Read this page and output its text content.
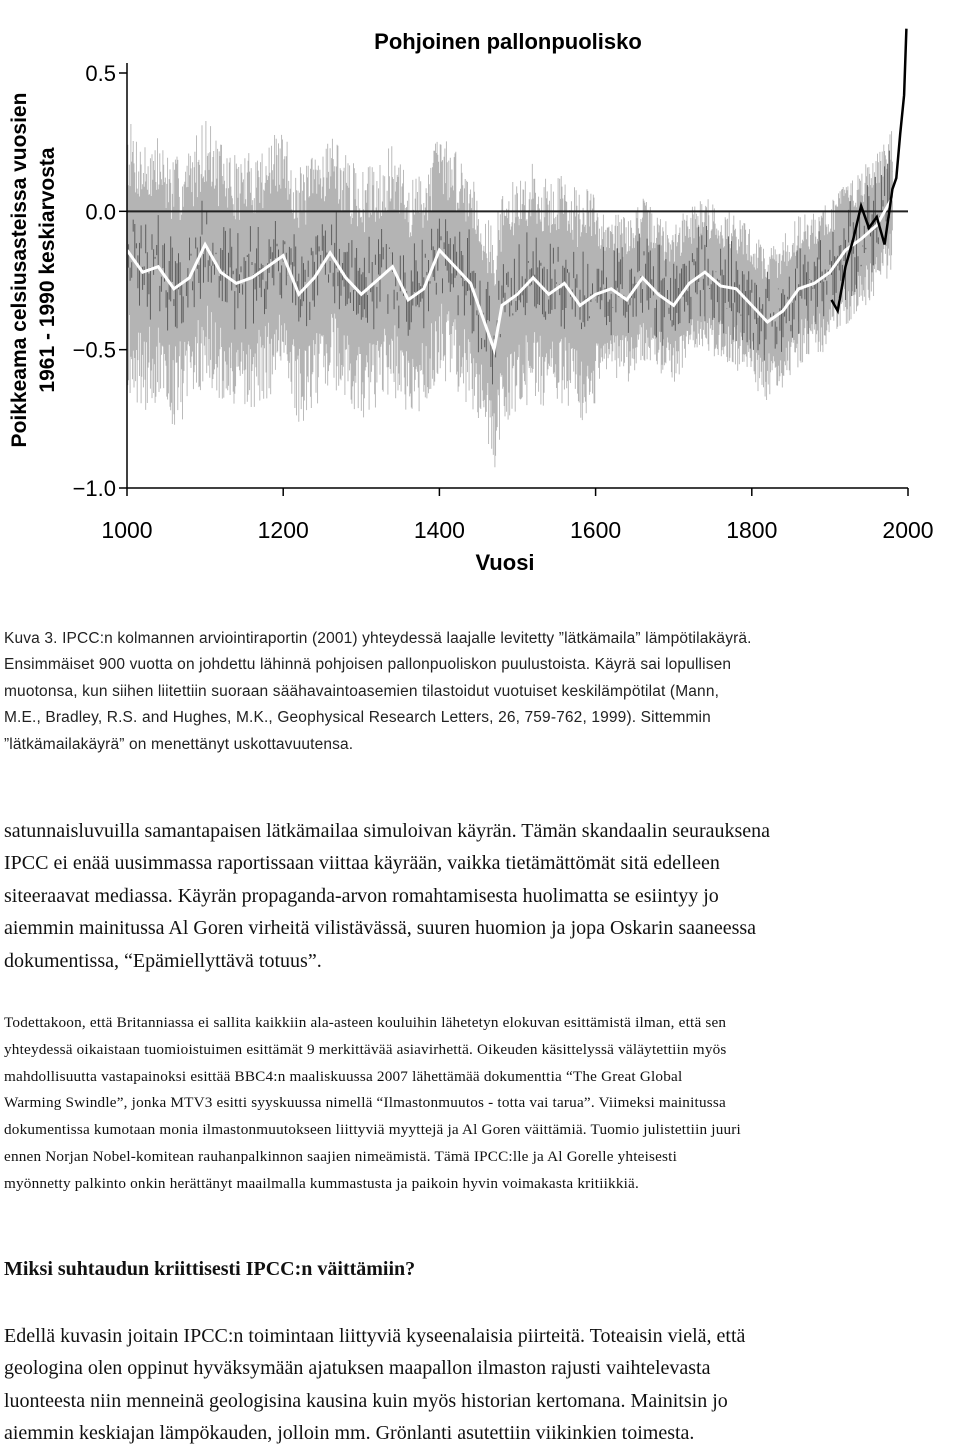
1000	1200	1400	1600	1800	2000
0.5
0.0
−0.5
−1.0
Pohjoinen pallonpuolisko
Vuosi
Poikkeama celsiusasteissa vuosien 1961 - 1990 keskiarvosta
Kuva 3. IPCC:n kolmannen arviointiraportin (2001) yhteydessä laajalle levitetty ”lätkämaila” lämpötilakäyrä.
Ensimmäiset 900 vuotta on johdettu lähinnä pohjoisen pallonpuoliskon puulustoista. Käyrä sai lopullisen
muotonsa, kun siihen liitettiin suoraan säähavaintoasemien tilastoidut vuotuiset keskilämpötilat (Mann,
M.E., Bradley, R.S. and Hughes, M.K., Geophysical Research Letters, 26, 759-762, 1999). Sittemmin
”lätkämailakäyrä” on menettänyt uskottavuutensa.
satunnaisluvuilla samantapaisen lätkämailaa simuloivan käyrän. Tämän skandaalin seurauksena
IPCC ei enää uusimmassa raportissaan viittaa käyrään, vaikka tietämättömät sitä edelleen
siteeraavat mediassa. Käyrän propaganda-arvon romahtamisesta huolimatta se esiintyy jo
aiemmin mainitussa Al Goren virheitä vilistävässä, suuren huomion ja jopa Oskarin saaneessa
dokumentissa, “Epämiellyttävä totuus”.
Todettakoon, että Britanniassa ei sallita kaikkiin ala-asteen kouluihin lähetetyn elokuvan esittämistä ilman, että sen
yhteydessä oikaistaan tuomioistuimen esittämät 9 merkittävää asiavirhettä. Oikeuden käsittelyssä väläytettiin myös
mahdollisuutta vastapainoksi esittää BBC4:n maaliskuussa 2007 lähettämää dokumenttia “The Great Global
Warming Swindle”, jonka MTV3 esitti syyskuussa nimellä “Ilmastonmuutos - totta vai tarua”. Viimeksi mainitussa
dokumentissa kumotaan monia ilmastonmuutokseen liittyviä myyttejä ja Al Goren väittämiä. Tuomio julistettiin juuri
ennen Norjan Nobel-komitean rauhanpalkinnon saajien nimeämistä. Tämä IPCC:lle ja Al Gorelle yhteisesti
myönnetty palkinto onkin herättänyt maailmalla kummastusta ja paikoin hyvin voimakasta kritiikkiä.
Miksi suhtaudun kriittisesti IPCC:n väittämiin?
Edellä kuvasin joitain IPCC:n toimintaan liittyviä kyseenalaisia piirteitä. Toteaisin vielä, että
geologina olen oppinut hyväksymään ajatuksen maapallon ilmaston rajusti vaihtelevasta
luonteesta niin menneinä geologisina kausina kuin myös historian kertomana. Mainitsin jo
aiemmin keskiajan lämpökauden, jolloin mm. Grönlanti asutettiin viikinkien toimesta.
